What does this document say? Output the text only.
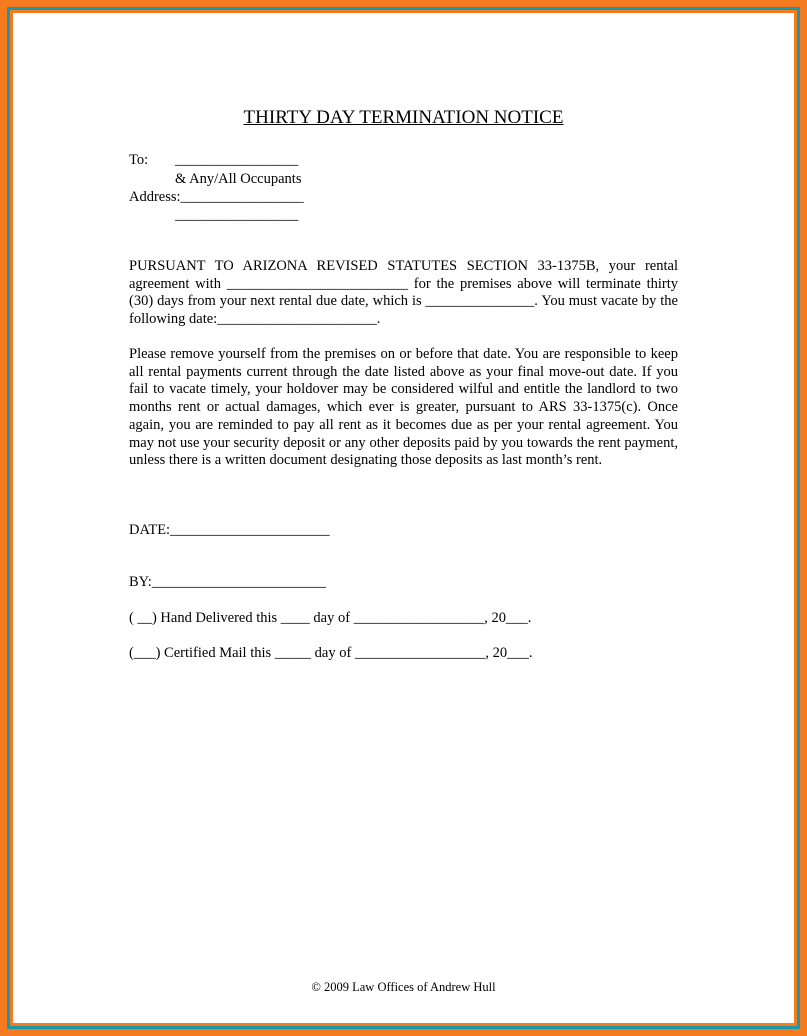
THIRTY DAY TERMINATION NOTICE
To: _________________
& Any/All Occupants
Address:_________________
_________________
PURSUANT TO ARIZONA REVISED STATUTES SECTION 33-1375B, your rental agreement with _________________________ for the premises above will terminate thirty (30) days from your next rental due date, which is _______________. You must vacate by the following date:______________________.
Please remove yourself from the premises on or before that date. You are responsible to keep all rental payments current through the date listed above as your final move-out date. If you fail to vacate timely, your holdover may be considered wilful and entitle the landlord to two months rent or actual damages, which ever is greater, pursuant to ARS 33-1375(c). Once again, you are reminded to pay all rent as it becomes due as per your rental agreement. You may not use your security deposit or any other deposits paid by you towards the rent payment, unless there is a written document designating those deposits as last month’s rent.
DATE:______________________
BY:________________________
( __) Hand Delivered this ____ day of __________________, 20___.
(___) Certified Mail this _____ day of __________________, 20___.
© 2009 Law Offices of Andrew Hull
